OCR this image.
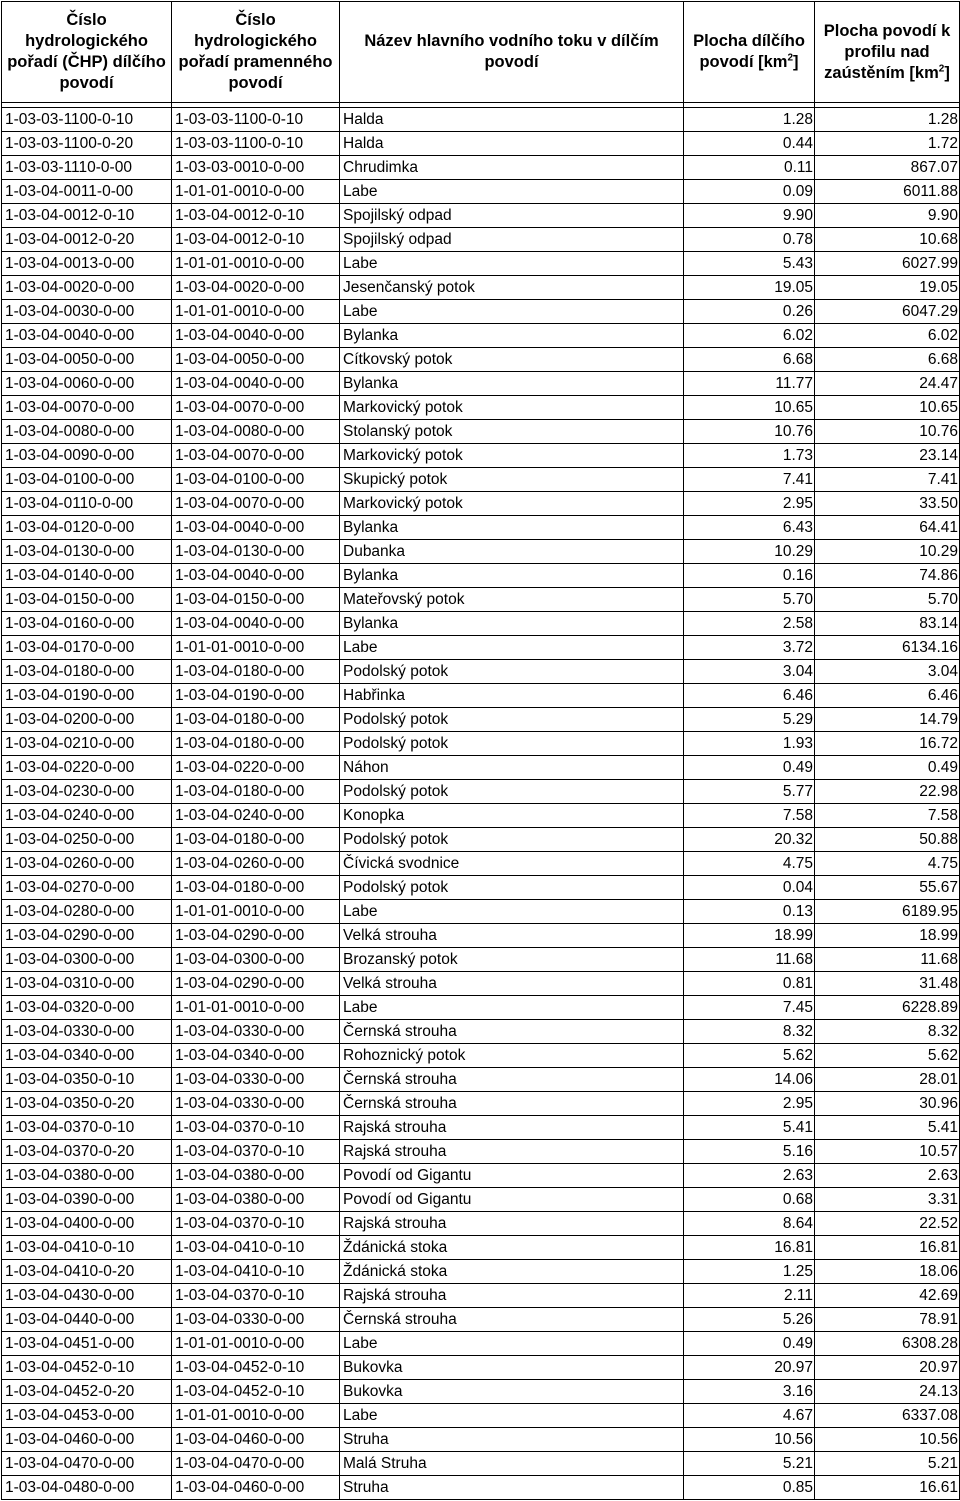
Číslo hydrologického pořadí (ČHP) dílčího povodí	Číslo hydrologického pořadí pramenného povodí	Název hlavního vodního toku v dílčím povodí	Plocha dílčího povodí $[km^2]$	Plocha povodí k profilu nad zaústěním $[km^2]$

1-03-03-1100-0-10	1-03-03-1100-0-10	Halda	1.28	1.28
1-03-03-1100-0-20	1-03-03-1100-0-10	Halda	0.44	1.72
1-03-03-1110-0-00	1-03-03-0010-0-00	Chrudimka	0.11	867.07
1-03-04-0011-0-00	1-01-01-0010-0-00	Labe	0.09	6011.88
1-03-04-0012-0-10	1-03-04-0012-0-10	Spojilský odpad	9.90	9.90
1-03-04-0012-0-20	1-03-04-0012-0-10	Spojilský odpad	0.78	10.68
1-03-04-0013-0-00	1-01-01-0010-0-00	Labe	5.43	6027.99
1-03-04-0020-0-00	1-03-04-0020-0-00	Jesenčanský potok	19.05	19.05
1-03-04-0030-0-00	1-01-01-0010-0-00	Labe	0.26	6047.29
1-03-04-0040-0-00	1-03-04-0040-0-00	Bylanka	6.02	6.02
1-03-04-0050-0-00	1-03-04-0050-0-00	Cítkovský potok	6.68	6.68
1-03-04-0060-0-00	1-03-04-0040-0-00	Bylanka	11.77	24.47
1-03-04-0070-0-00	1-03-04-0070-0-00	Markovický potok	10.65	10.65
1-03-04-0080-0-00	1-03-04-0080-0-00	Stolanský potok	10.76	10.76
1-03-04-0090-0-00	1-03-04-0070-0-00	Markovický potok	1.73	23.14
1-03-04-0100-0-00	1-03-04-0100-0-00	Skupický potok	7.41	7.41
1-03-04-0110-0-00	1-03-04-0070-0-00	Markovický potok	2.95	33.50
1-03-04-0120-0-00	1-03-04-0040-0-00	Bylanka	6.43	64.41
1-03-04-0130-0-00	1-03-04-0130-0-00	Dubanka	10.29	10.29
1-03-04-0140-0-00	1-03-04-0040-0-00	Bylanka	0.16	74.86
1-03-04-0150-0-00	1-03-04-0150-0-00	Mateřovský potok	5.70	5.70
1-03-04-0160-0-00	1-03-04-0040-0-00	Bylanka	2.58	83.14
1-03-04-0170-0-00	1-01-01-0010-0-00	Labe	3.72	6134.16
1-03-04-0180-0-00	1-03-04-0180-0-00	Podolský potok	3.04	3.04
1-03-04-0190-0-00	1-03-04-0190-0-00	Habřinka	6.46	6.46
1-03-04-0200-0-00	1-03-04-0180-0-00	Podolský potok	5.29	14.79
1-03-04-0210-0-00	1-03-04-0180-0-00	Podolský potok	1.93	16.72
1-03-04-0220-0-00	1-03-04-0220-0-00	Náhon	0.49	0.49
1-03-04-0230-0-00	1-03-04-0180-0-00	Podolský potok	5.77	22.98
1-03-04-0240-0-00	1-03-04-0240-0-00	Konopka	7.58	7.58
1-03-04-0250-0-00	1-03-04-0180-0-00	Podolský potok	20.32	50.88
1-03-04-0260-0-00	1-03-04-0260-0-00	Čívická svodnice	4.75	4.75
1-03-04-0270-0-00	1-03-04-0180-0-00	Podolský potok	0.04	55.67
1-03-04-0280-0-00	1-01-01-0010-0-00	Labe	0.13	6189.95
1-03-04-0290-0-00	1-03-04-0290-0-00	Velká strouha	18.99	18.99
1-03-04-0300-0-00	1-03-04-0300-0-00	Brozanský potok	11.68	11.68
1-03-04-0310-0-00	1-03-04-0290-0-00	Velká strouha	0.81	31.48
1-03-04-0320-0-00	1-01-01-0010-0-00	Labe	7.45	6228.89
1-03-04-0330-0-00	1-03-04-0330-0-00	Černská strouha	8.32	8.32
1-03-04-0340-0-00	1-03-04-0340-0-00	Rohoznický potok	5.62	5.62
1-03-04-0350-0-10	1-03-04-0330-0-00	Černská strouha	14.06	28.01
1-03-04-0350-0-20	1-03-04-0330-0-00	Černská strouha	2.95	30.96
1-03-04-0370-0-10	1-03-04-0370-0-10	Rajská strouha	5.41	5.41
1-03-04-0370-0-20	1-03-04-0370-0-10	Rajská strouha	5.16	10.57
1-03-04-0380-0-00	1-03-04-0380-0-00	Povodí od Gigantu	2.63	2.63
1-03-04-0390-0-00	1-03-04-0380-0-00	Povodí od Gigantu	0.68	3.31
1-03-04-0400-0-00	1-03-04-0370-0-10	Rajská strouha	8.64	22.52
1-03-04-0410-0-10	1-03-04-0410-0-10	Ždánická stoka	16.81	16.81
1-03-04-0410-0-20	1-03-04-0410-0-10	Ždánická stoka	1.25	18.06
1-03-04-0430-0-00	1-03-04-0370-0-10	Rajská strouha	2.11	42.69
1-03-04-0440-0-00	1-03-04-0330-0-00	Černská strouha	5.26	78.91
1-03-04-0451-0-00	1-01-01-0010-0-00	Labe	0.49	6308.28
1-03-04-0452-0-10	1-03-04-0452-0-10	Bukovka	20.97	20.97
1-03-04-0452-0-20	1-03-04-0452-0-10	Bukovka	3.16	24.13
1-03-04-0453-0-00	1-01-01-0010-0-00	Labe	4.67	6337.08
1-03-04-0460-0-00	1-03-04-0460-0-00	Struha	10.56	10.56
1-03-04-0470-0-00	1-03-04-0470-0-00	Malá Struha	5.21	5.21
1-03-04-0480-0-00	1-03-04-0460-0-00	Struha	0.85	16.61
